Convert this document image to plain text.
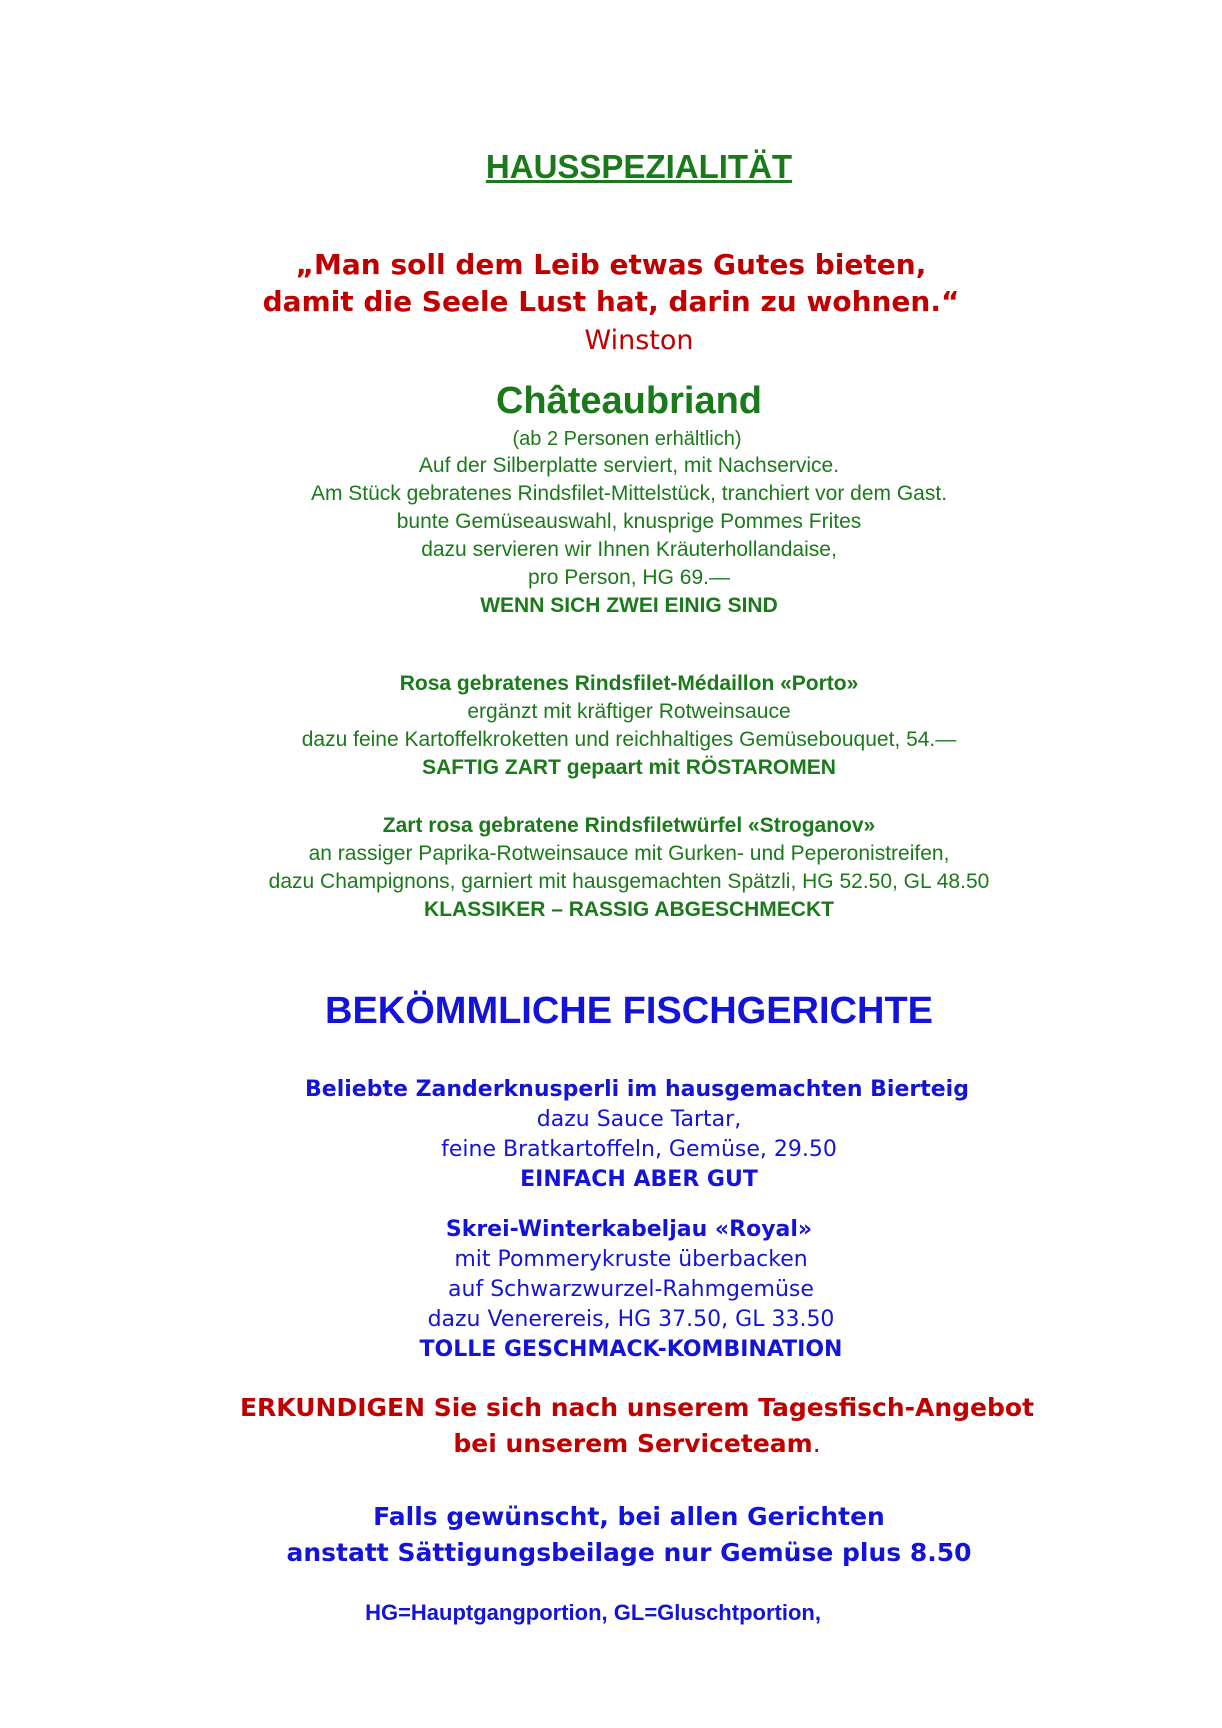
HAUSSPEZIALITÄT
„Man soll dem Leib etwas Gutes bieten,
damit die Seele Lust hat, darin zu wohnen.“
Winston
Châteaubriand
(ab 2 Personen erhältlich)
Auf der Silberplatte serviert, mit Nachservice.
Am Stück gebratenes Rindsfilet-Mittelstück, tranchiert vor dem Gast.
bunte Gemüseauswahl, knusprige Pommes Frites
dazu servieren wir Ihnen Kräuterhollandaise,
pro Person, HG 69.—
WENN SICH ZWEI EINIG SIND
Rosa gebratenes Rindsfilet-Médaillon «Porto»
ergänzt mit kräftiger Rotweinsauce
dazu feine Kartoffelkroketten und reichhaltiges Gemüsebouquet, 54.—
SAFTIG ZART gepaart mit RÖSTAROMEN
Zart rosa gebratene Rindsfiletwürfel «Stroganov»
an rassiger Paprika-Rotweinsauce mit Gurken- und Peperonistreifen,
dazu Champignons, garniert mit hausgemachten Spätzli, HG 52.50, GL 48.50
KLASSIKER – RASSIG ABGESCHMECKT
BEKÖMMLICHE FISCHGERICHTE
Beliebte Zanderknusperli im hausgemachten Bierteig
dazu Sauce Tartar,
feine Bratkartoffeln, Gemüse, 29.50
EINFACH ABER GUT
Skrei-Winterkabeljau «Royal»
mit Pommerykruste überbacken
auf Schwarzwurzel-Rahmgemüse
dazu Venerereis, HG 37.50, GL 33.50
TOLLE GESCHMACK-KOMBINATION
ERKUNDIGEN Sie sich nach unserem Tagesfisch-Angebot
bei unserem Serviceteam.
Falls gewünscht, bei allen Gerichten
anstatt Sättigungsbeilage nur Gemüse plus 8.50
HG=Hauptgangportion, GL=Gluschtportion,
